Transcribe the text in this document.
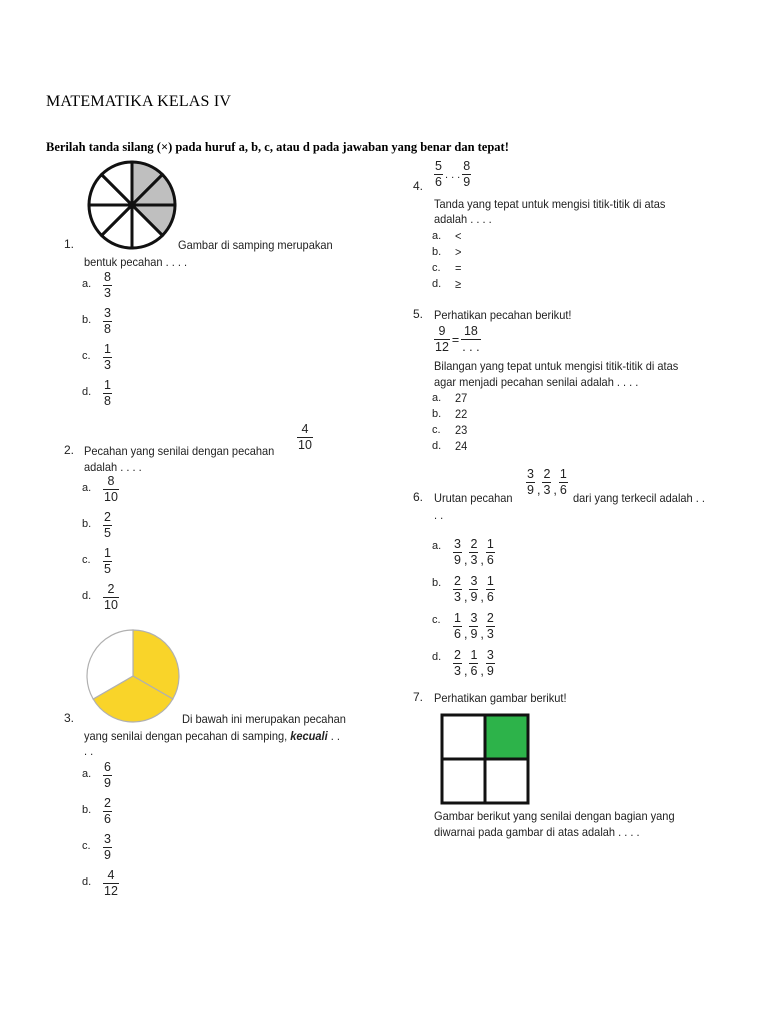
MATEMATIKA KELAS IV
Berilah tanda silang (×) pada huruf a, b, c, atau d pada jawaban yang benar dan tepat!
1.	Gambar di samping merupakan
bentuk pecahan . . . .
a. $\frac{8}{3}$
b. $\frac{3}{8}$
c. $\frac{1}{3}$
d. $\frac{1}{8}$
2. Pecahan yang senilai dengan pecahan $\frac{4}{10}$
adalah . . . .
a. $\frac{8}{10}$
b. $\frac{2}{5}$
c. $\frac{1}{5}$
d. $\frac{2}{10}$
3.	Di bawah ini merupakan pecahan
yang senilai dengan pecahan di samping, kecuali . .
. .
a. $\frac{6}{9}$
b. $\frac{2}{6}$
c. $\frac{3}{9}$
d. $\frac{4}{12}$
4. $\frac{5}{6}$ . . . $\frac{8}{9}$
Tanda yang tepat untuk mengisi titik-titik di atas
adalah . . . .
a. <
b. >
c. =
d. ≥
5. Perhatikan pecahan berikut!
$\frac{9}{12} = \frac{18}{. . .}$
Bilangan yang tepat untuk mengisi titik-titik di atas
agar menjadi pecahan senilai adalah . . . .
a. 27
b. 22
c. 23
d. 24
6. Urutan pecahan $\frac{3}{9}$ , $\frac{2}{3}$ , $\frac{1}{6}$ dari yang terkecil adalah . .
. .
a. $\frac{3}{9}$ , $\frac{2}{3}$ , $\frac{1}{6}$
b. $\frac{2}{3}$ , $\frac{3}{9}$ , $\frac{1}{6}$
c. $\frac{1}{6}$ , $\frac{3}{9}$ , $\frac{2}{3}$
d. $\frac{2}{3}$ , $\frac{1}{6}$ , $\frac{3}{9}$
7. Perhatikan gambar berikut!
Gambar berikut yang senilai dengan bagian yang
diwarnai pada gambar di atas adalah . . . .
